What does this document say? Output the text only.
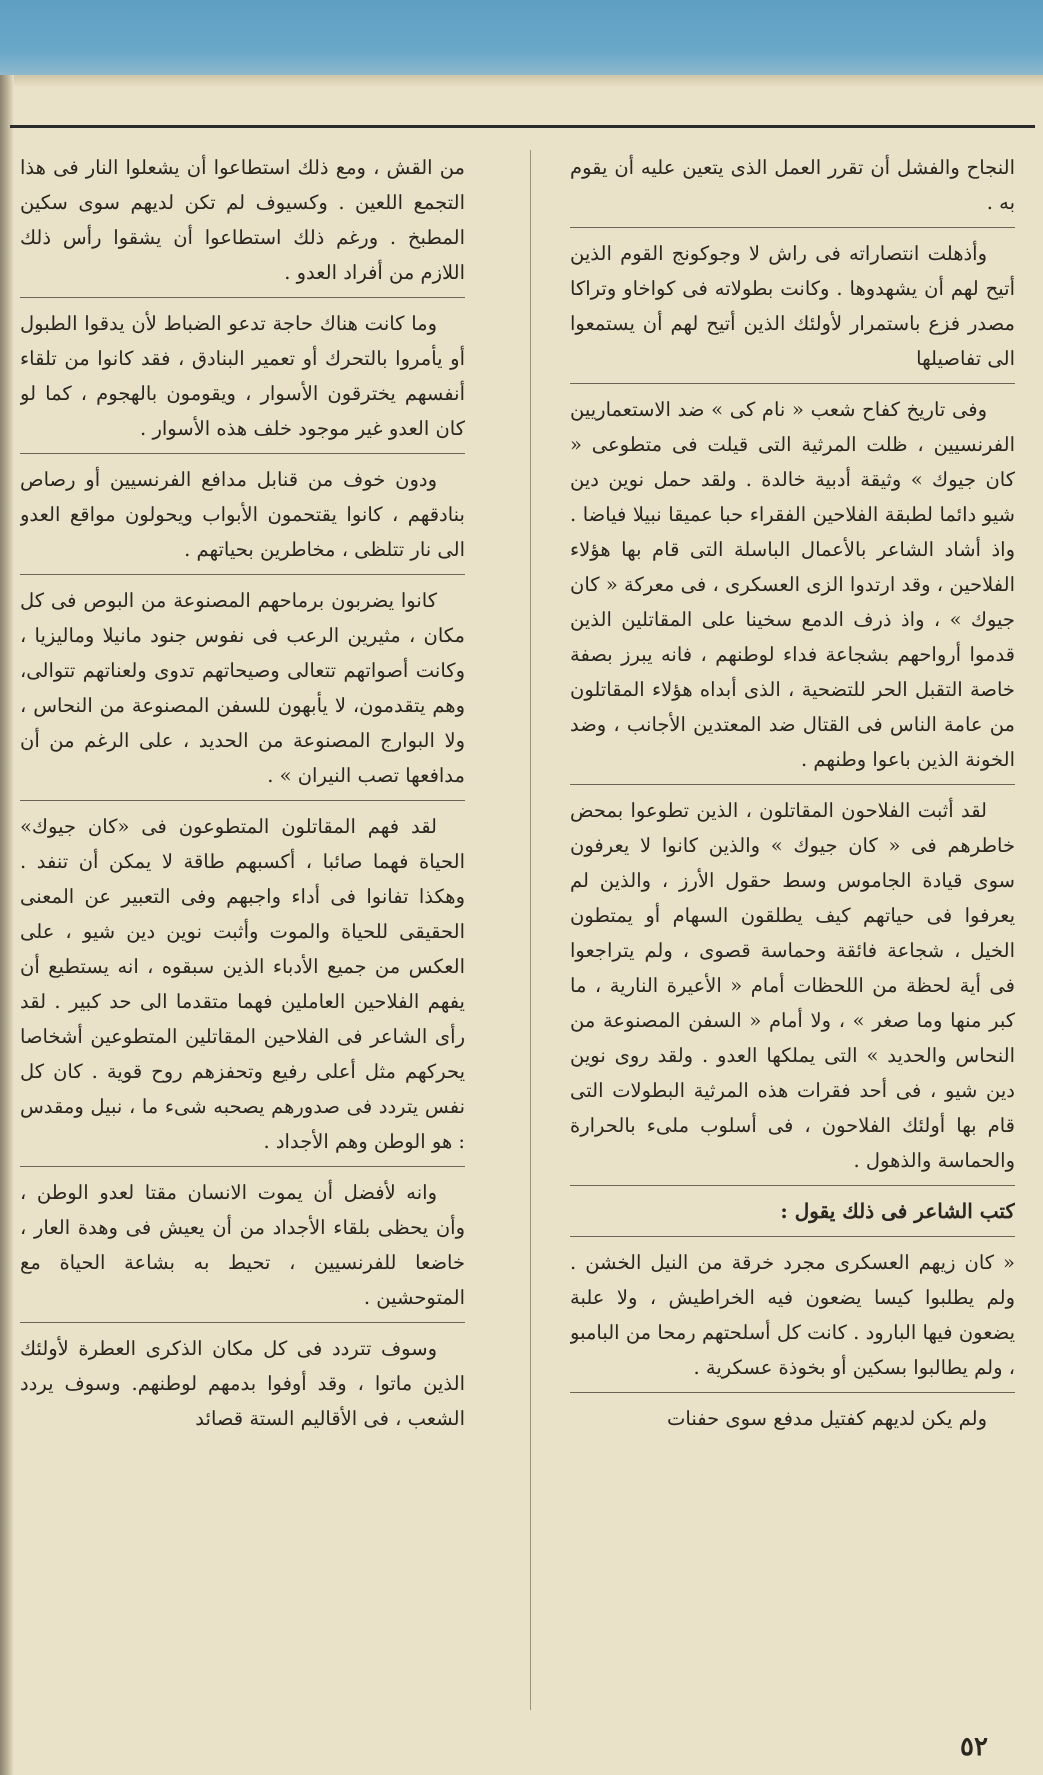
النجاح والفشل أن تقرر العمل الذى يتعين عليه أن يقوم به .

وأذهلت انتصاراته فى راش لا وجوكونج القوم الذين أتيح لهم أن يشهدوها . وكانت بطولاته فى كواخاو وتراكا مصدر فزع باستمرار لأولئك الذين أتيح لهم أن يستمعوا الى تفاصيلها

وفى تاريخ كفاح شعب « نام كى » ضد الاستعماريين الفرنسيين ، ظلت المرثية التى قيلت فى متطوعى « كان جيوك » وثيقة أدبية خالدة . ولقد حمل نوين دين شيو دائما لطبقة الفلاحين الفقراء حبا عميقا نبيلا فياضا . واذ أشاد الشاعر بالأعمال الباسلة التى قام بها هؤلاء الفلاحين ، وقد ارتدوا الزى العسكرى ، فى معركة « كان جيوك » ، واذ ذرف الدمع سخينا على المقاتلين الذين قدموا أرواحهم بشجاعة فداء لوطنهم ، فانه يبرز بصفة خاصة التقبل الحر للتضحية ، الذى أبداه هؤلاء المقاتلون من عامة الناس فى القتال ضد المعتدين الأجانب ، وضد الخونة الذين باعوا وطنهم .

لقد أثبت الفلاحون المقاتلون ، الذين تطوعوا بمحض خاطرهم فى « كان جيوك » والذين كانوا لا يعرفون سوى قيادة الجاموس وسط حقول الأرز ، والذين لم يعرفوا فى حياتهم كيف يطلقون السهام أو يمتطون الخيل ، شجاعة فائقة وحماسة قصوى ، ولم يتراجعوا فى أية لحظة من اللحظات أمام « الأعيرة النارية ، ما كبر منها وما صغر » ، ولا أمام « السفن المصنوعة من النحاس والحديد » التى يملكها العدو . ولقد روى نوين دين شيو ، فى أحد فقرات هذه المرثية البطولات التى قام بها أولئك الفلاحون ، فى أسلوب ملىء بالحرارة والحماسة والذهول .

كتب الشاعر فى ذلك يقول :

« كان زيهم العسكرى مجرد خرقة من النيل الخشن . ولم يطلبوا كيسا يضعون فيه الخراطيش ، ولا علبة يضعون فيها البارود . كانت كل أسلحتهم رمحا من البامبو ، ولم يطالبوا بسكين أو بخوذة عسكرية .

ولم يكن لديهم كفتيل مدفع سوى حفنات

من القش ، ومع ذلك استطاعوا أن يشعلوا النار فى هذا التجمع اللعين . وكسيوف لم تكن لديهم سوى سكين المطبخ . ورغم ذلك استطاعوا أن يشقوا رأس ذلك اللازم من أفراد العدو .

وما كانت هناك حاجة تدعو الضباط لأن يدقوا الطبول أو يأمروا بالتحرك أو تعمير البنادق ، فقد كانوا من تلقاء أنفسهم يخترقون الأسوار ، ويقومون بالهجوم ، كما لو كان العدو غير موجود خلف هذه الأسوار .

ودون خوف من قنابل مدافع الفرنسيين أو رصاص بنادقهم ، كانوا يقتحمون الأبواب ويحولون مواقع العدو الى نار تتلظى ، مخاطرين بحياتهم .

كانوا يضربون برماحهم المصنوعة من البوص فى كل مكان ، مثيرين الرعب فى نفوس جنود مانيلا وماليزيا ، وكانت أصواتهم تتعالى وصيحاتهم تدوى ولعناتهم تتوالى، وهم يتقدمون، لا يأبهون للسفن المصنوعة من النحاس ، ولا البوارج المصنوعة من الحديد ، على الرغم من أن مدافعها تصب النيران » .

لقد فهم المقاتلون المتطوعون فى «كان جيوك» الحياة فهما صائبا ، أكسبهم طاقة لا يمكن أن تنفد . وهكذا تفانوا فى أداء واجبهم وفى التعبير عن المعنى الحقيقى للحياة والموت وأثبت نوين دين شيو ، على العكس من جميع الأدباء الذين سبقوه ، انه يستطيع أن يفهم الفلاحين العاملين فهما متقدما الى حد كبير . لقد رأى الشاعر فى الفلاحين المقاتلين المتطوعين أشخاصا يحركهم مثل أعلى رفيع وتحفزهم روح قوية . كان كل نفس يتردد فى صدورهم يصحبه شىء ما ، نبيل ومقدس : هو الوطن وهم الأجداد .

وانه لأفضل أن يموت الانسان مقتا لعدو الوطن ، وأن يحظى بلقاء الأجداد من أن يعيش فى وهدة العار ، خاضعا للفرنسيين ، تحيط به بشاعة الحياة مع المتوحشين .

وسوف تتردد فى كل مكان الذكرى العطرة لأولئك الذين ماتوا ، وقد أوفوا بدمهم لوطنهم. وسوف يردد الشعب ، فى الأقاليم الستة قصائد

٥٢
